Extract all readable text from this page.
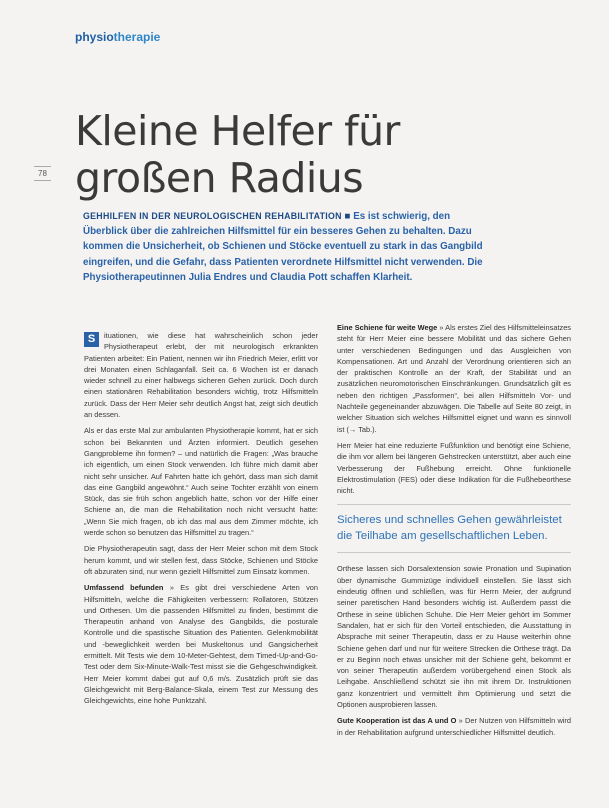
physiotherapie
78
Kleine Helfer für
großen Radius
GEHHILFEN IN DER NEUROLOGISCHEN REHABILITATION ■ Es ist schwierig, den Überblick über die zahlreichen Hilfsmittel für ein besseres Gehen zu behalten. Dazu kommen die Unsicherheit, ob Schienen und Stöcke eventuell zu stark in das Gangbild eingreifen, und die Gefahr, dass Patienten verordnete Hilfsmittel nicht verwenden. Die Physiotherapeutinnen Julia Endres und Claudia Pott schaffen Klarheit.

S	ituationen, wie diese hat wahrscheinlich schon jeder Physiotherapeut erlebt, der mit neurologisch erkrankten Patienten arbeitet: Ein Patient, nennen wir ihn Friedrich Meier, erlitt vor drei Monaten einen Schlaganfall. Seit ca. 6 Wochen ist er danach wieder schnell zu einer halbwegs sicheren Gehen zurück. Doch durch einen stationären Rehabilitation besonders wichtig, trotz Hilfsmitteln zurück. Dass der Herr Meier sehr deutlich Angst hat, zeigt sich deutlich an dessen.

Als er das erste Mal zur ambulanten Physiotherapie kommt, hat er sich schon bei Bekannten und Ärzten informiert. Deutlich gesehen Gangprobleme ihn formen? – und natürlich die Fragen: „Was brauche ich eigentlich, um einen Stock verwenden. Ich führe mich damit aber nicht sehr unsicher. Auf Fahrten hatte ich gehört, dass man sich damit das eine Gangbild angewöhnt.“ Auch seine Tochter erzählt von einem Stück, das sie früh schon angeblich hatte, schon vor der Hilfe einer Schiene an, die man die Rehabilitation noch nicht versucht hatte: „Wenn Sie mich fragen, ob ich das mal aus dem Zimmer möchte, ich werde schon so benutzen das Hilfsmittel zu tragen.“

Die Physiotherapeutin sagt, dass der Herr Meier schon mit dem Stock herum kommt, und wir stellen fest, dass Stöcke, Schienen und Stöcke oft abzuraten sind, nur wenn gezielt Hilfsmittel zum Einsatz kommen.

Umfassend befunden » Es gibt drei verschiedene Arten von Hilfsmitteln, welche die Fähigkeiten verbessern: Rollatoren, Stützen und Orthesen. Um die passenden Hilfsmittel zu finden, bestimmt die Therapeutin anhand von Analyse des Gangbilds, die posturale Kontrolle und die spastische Situation des Patienten. Gelenkmobilität und -beweglichkeit werden bei Muskeltonus und Gangsicherheit ermittelt. Mit Tests wie dem 10-Meter-Gehtest, dem Timed-Up-and-Go-Test oder dem Six-Minute-Walk-Test misst sie die Gehgeschwindigkeit. Herr Meier kommt dabei gut auf 0,6 m/s. Zusätzlich prüft sie das Gleichgewicht mit Berg-Balance-Skala, einem Test zur Messung des Gleichgewichts, eine hohe Punktzahl.

Eine Schiene für weite Wege » Als erstes Ziel des Hilfsmitteleinsatzes steht für Herr Meier eine bessere Mobilität und das sichere Gehen unter verschiedenen Bedingungen und das Ausgleichen von Kompensationen. Art und Anzahl der Verordnung orientieren sich an der praktischen Kontrolle an der Kraft, der Stabilität und an zusätzlichen neuromotorischen Einschränkungen. Grundsätzlich gilt es neben den richtigen „Passformen“, bei allen Hilfsmitteln Vor- und Nachteile gegeneinander abzuwägen. Die Tabelle auf Seite 80 zeigt, in welcher Situation sich welches Hilfsmittel eignet und wann es sinnvoll ist (→ Tab.).

Herr Meier hat eine reduzierte Fußfunktion und benötigt eine Schiene, die ihm vor allem bei längeren Gehstrecken unterstützt, aber auch eine Verbesserung der Fußhebung erreicht. Ohne funktionelle Elektrostimulation (FES) oder diese Indikation für die Fußhebeorthese nicht.

Sicheres und schnelles Gehen gewährleistet die Teilhabe am gesellschaftlichen Leben.

Orthese lassen sich Dorsalextension sowie Pronation und Supination über dynamische Gummizüge individuell einstellen. Sie lässt sich eindeutig öffnen und schließen, was für Herrn Meier, der aufgrund seiner paretischen Hand besonders wichtig ist. Außerdem passt die Orthese in seine üblichen Schuhe. Die Herr Meier gehört im Sommer Sandalen, hat er sich für den Vorteil entschieden, die Ausstattung in Absprache mit seiner Therapeutin, dass er zu Hause weiterhin ohne Schiene gehen darf und nur für weitere Strecken die Orthese trägt. Da er zu Beginn noch etwas unsicher mit der Schiene geht, bekommt er von seiner Therapeutin außerdem vorübergehend einen Stock als Leihgabe. Anschließend schützt sie ihn mit ihrem Dr. Instruktionen ganz konzentriert und vermittelt ihm Optimierung und setzt die Optionen ausprobieren lassen.

Gute Kooperation ist das A und O » Der Nutzen von Hilfsmitteln wird in der Rehabilitation aufgrund unterschiedlicher Hilfsmittel deutlich.
